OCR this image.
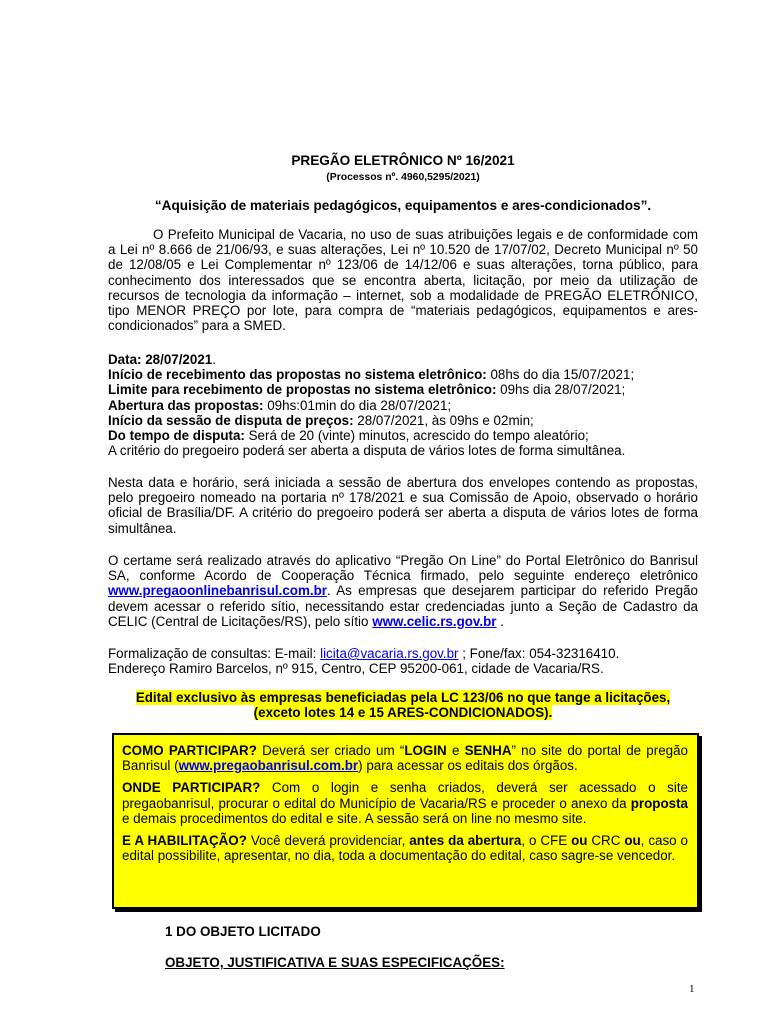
PREGÃO ELETRÔNICO Nº 16/2021
(Processos nº. 4960,5295/2021)
“Aquisição de materiais pedagógicos, equipamentos e ares-condicionados”.
O Prefeito Municipal de Vacaria, no uso de suas atribuições legais e de conformidade com a Lei nº 8.666 de 21/06/93, e suas alterações, Lei nº 10.520 de 17/07/02, Decreto Municipal nº 50 de 12/08/05 e Lei Complementar nº 123/06 de 14/12/06 e suas alterações, torna público, para conhecimento dos interessados que se encontra aberta, licitação, por meio da utilização de recursos de tecnologia da informação – internet, sob a modalidade de PREGÃO ELETRÔNICO, tipo MENOR PREÇO por lote, para compra de “materiais pedagógicos, equipamentos e ares-condicionados” para a SMED.
Data: 28/07/2021.
Início de recebimento das propostas no sistema eletrônico: 08hs do dia 15/07/2021;
Limite para recebimento de propostas no sistema eletrônico: 09hs dia 28/07/2021;
Abertura das propostas: 09hs:01min do dia 28/07/2021;
Início da sessão de disputa de preços: 28/07/2021, às 09hs e 02min;
Do tempo de disputa: Será de 20 (vinte) minutos, acrescido do tempo aleatório;
A critério do pregoeiro poderá ser aberta a disputa de vários lotes de forma simultânea.
Nesta data e horário, será iniciada a sessão de abertura dos envelopes contendo as propostas, pelo pregoeiro nomeado na portaria nº 178/2021 e sua Comissão de Apoio, observado o horário oficial de Brasília/DF. A critério do pregoeiro poderá ser aberta a disputa de vários lotes de forma simultânea.
O certame será realizado através do aplicativo “Pregão On Line” do Portal Eletrônico do Banrisul SA, conforme Acordo de Cooperação Técnica firmado, pelo seguinte endereço eletrônico www.pregaoonlinebanrisul.com.br. As empresas que desejarem participar do referido Pregão devem acessar o referido sítio, necessitando estar credenciadas junto a Seção de Cadastro da CELIC (Central de Licitações/RS), pelo sítio www.celic.rs.gov.br .
Formalização de consultas: E-mail: licita@vacaria.rs.gov.br ; Fone/fax: 054-32316410.
Endereço Ramiro Barcelos, nº 915, Centro, CEP 95200-061, cidade de Vacaria/RS.
Edital exclusivo às empresas beneficiadas pela LC 123/06 no que tange a licitações,
(exceto lotes 14 e 15 ARES-CONDICIONADOS).

COMO PARTICIPAR? Deverá ser criado um “LOGIN e SENHA” no site do portal de pregão Banrisul (www.pregaobanrisul.com.br) para acessar os editais dos órgãos.

ONDE PARTICIPAR? Com o login e senha criados, deverá ser acessado o site pregaobanrisul, procurar o edital do Município de Vacaria/RS e proceder o anexo da proposta e demais procedimentos do edital e site. A sessão será on line no mesmo site.

E A HABILITAÇÃO? Você deverá providenciar, antes da abertura, o CFE ou CRC ou, caso o edital possibilite, apresentar, no dia, toda a documentação do edital, caso sagre-se vencedor.

1 DO OBJETO LICITADO
OBJETO, JUSTIFICATIVA E SUAS ESPECIFICAÇÕES:
1
